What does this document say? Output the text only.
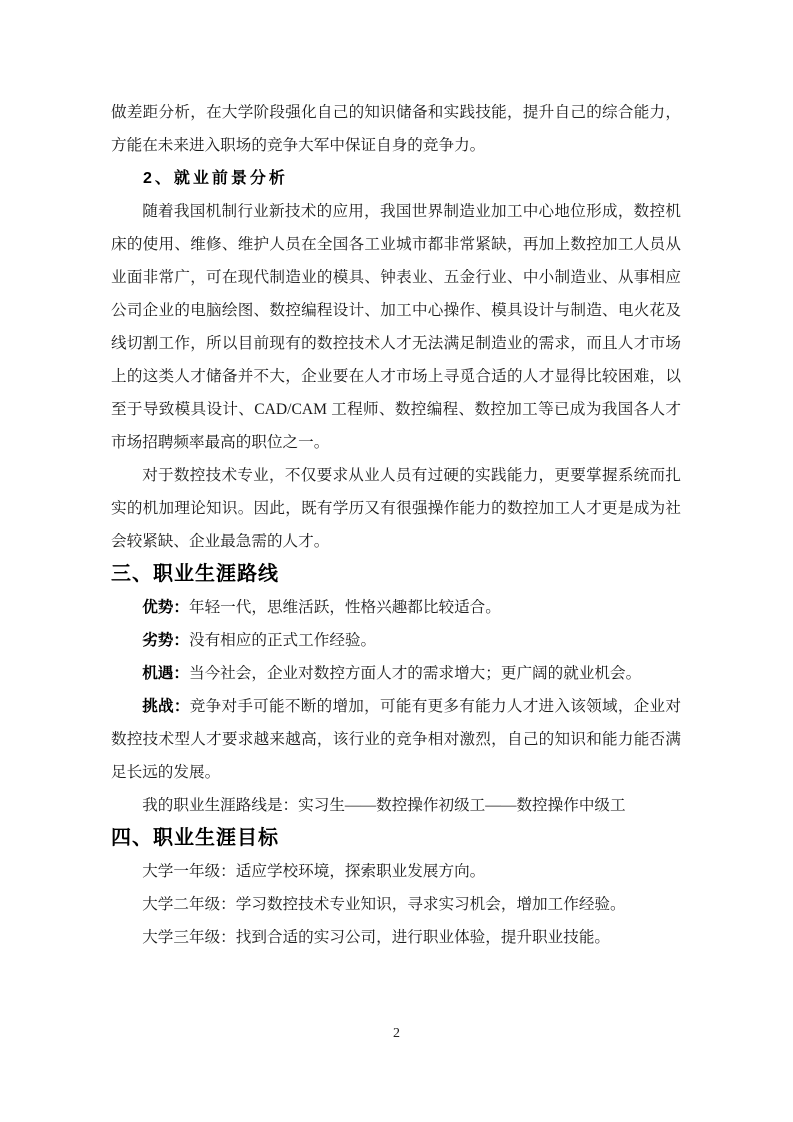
做差距分析，在大学阶段强化自己的知识储备和实践技能，提升自己的综合能力，方能在未来进入职场的竞争大军中保证自身的竞争力。

2、就业前景分析

随着我国机制行业新技术的应用，我国世界制造业加工中心地位形成，数控机床的使用、维修、维护人员在全国各工业城市都非常紧缺，再加上数控加工人员从业面非常广，可在现代制造业的模具、钟表业、五金行业、中小制造业、从事相应公司企业的电脑绘图、数控编程设计、加工中心操作、模具设计与制造、电火花及线切割工作，所以目前现有的数控技术人才无法满足制造业的需求，而且人才市场上的这类人才储备并不大，企业要在人才市场上寻觅合适的人才显得比较困难，以至于导致模具设计、CAD/CAM 工程师、数控编程、数控加工等已成为我国各人才市场招聘频率最高的职位之一。

对于数控技术专业，不仅要求从业人员有过硬的实践能力，更要掌握系统而扎实的机加理论知识。因此，既有学历又有很强操作能力的数控加工人才更是成为社会较紧缺、企业最急需的人才。

三、职业生涯路线

优势：年轻一代，思维活跃，性格兴趣都比较适合。

劣势：没有相应的正式工作经验。

机遇：当今社会，企业对数控方面人才的需求增大；更广阔的就业机会。

挑战：竞争对手可能不断的增加，可能有更多有能力人才进入该领域，企业对数控技术型人才要求越来越高，该行业的竞争相对激烈，自己的知识和能力能否满足长远的发展。

我的职业生涯路线是：实习生——数控操作初级工——数控操作中级工

四、职业生涯目标

大学一年级：适应学校环境，探索职业发展方向。

大学二年级：学习数控技术专业知识，寻求实习机会，增加工作经验。

大学三年级：找到合适的实习公司，进行职业体验，提升职业技能。

2
